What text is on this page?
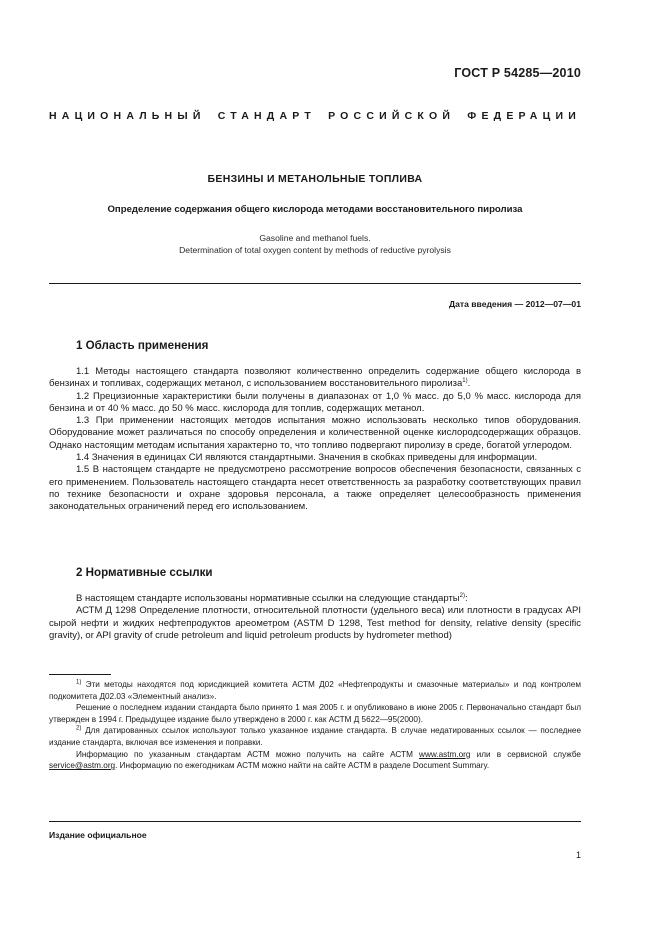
ГОСТ Р 54285—2010
НАЦИОНАЛЬНЫЙ СТАНДАРТ РОССИЙСКОЙ ФЕДЕРАЦИИ
БЕНЗИНЫ И МЕТАНОЛЬНЫЕ ТОПЛИВА
Определение содержания общего кислорода методами восстановительного пиролиза
Gasoline and methanol fuels.
Determination of total oxygen content by methods of reductive pyrolysis
Дата введения — 2012—07—01
1 Область применения

1.1 Методы настоящего стандарта позволяют количественно определить содержание общего кислорода в бензинах и топливах, содержащих метанол, с использованием восстановительного пиролиза$^{1)}$.

1.2 Прецизионные характеристики были получены в диапазонах от 1,0 % масс. до 5,0 % масс. кислорода для бензина и от 40 % масс. до 50 % масс. кислорода для топлив, содержащих метанол.

1.3 При применении настоящих методов испытания можно использовать несколько типов оборудования. Оборудование может различаться по способу определения и количественной оценке кислородсодержащих образцов. Однако настоящим методам испытания характерно то, что топливо подвергают пиролизу в среде, богатой углеродом.

1.4 Значения в единицах СИ являются стандартными. Значения в скобках приведены для информации.

1.5 В настоящем стандарте не предусмотрено рассмотрение вопросов обеспечения безопасности, связанных с его применением. Пользователь настоящего стандарта несет ответственность за разработку соответствующих правил по технике безопасности и охране здоровья персонала, а также определяет целесообразность применения законодательных ограничений перед его использованием.

2 Нормативные ссылки

В настоящем стандарте использованы нормативные ссылки на следующие стандарты$^{2)}$:

АСТМ Д 1298 Определение плотности, относительной плотности (удельного веса) или плотности в градусах API сырой нефти и жидких нефтепродуктов ареометром (ASTM D 1298, Test method for density, relative density (specific gravity), or API gravity of crude petroleum and liquid petroleum products by hydrometer method)

$^{1)}$ Эти методы находятся под юрисдикцией комитета АСТМ Д02 «Нефтепродукты и смазочные материалы» и под контролем подкомитета Д02.03 «Элементный анализ».

Решение о последнем издании стандарта было принято 1 мая 2005 г. и опубликовано в июне 2005 г. Первоначально стандарт был утвержден в 1994 г. Предыдущее издание было утверждено в 2000 г. как АСТМ Д 5622—95(2000).

$^{2)}$ Для датированных ссылок используют только указанное издание стандарта. В случае недатированных ссылок — последнее издание стандарта, включая все изменения и поправки.

Информацию по указанным стандартам АСТМ можно получить на сайте АСТМ www.astm.org или в сервисной службе service@astm.org. Информацию по ежегодникам АСТМ можно найти на сайте АСТМ в разделе Document Summary.

Издание официальное
1
